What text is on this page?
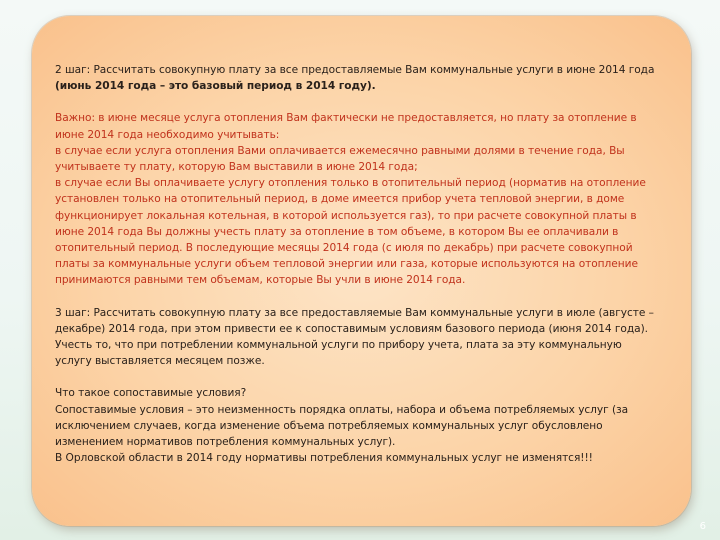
2 шаг: Рассчитать совокупную плату за все предоставляемые Вам коммунальные услуги в июне 2014 года

(июнь 2014 года – это базовый период в 2014 году).

Важно: в июне месяце услуга отопления Вам фактически не предоставляется, но плату за отопление в

июне 2014 года необходимо учитывать:

в случае если услуга отопления Вами оплачивается ежемесячно равными долями в течение года, Вы

учитываете ту плату, которую Вам выставили в июне 2014 года;

в случае если Вы оплачиваете услугу отопления только в отопительный период (норматив на отопление

установлен только на отопительный период, в доме имеется прибор учета тепловой энергии, в доме

функционирует локальная котельная, в которой используется газ), то при расчете совокупной платы в

июне 2014 года Вы должны учесть плату за отопление в том объеме, в котором Вы ее оплачивали в

отопительный период. В последующие месяцы 2014 года (с июля по декабрь) при расчете совокупной

платы за коммунальные услуги объем тепловой энергии или газа, которые используются на отопление

принимаются равными тем объемам, которые Вы учли в июне 2014 года.

3 шаг: Рассчитать совокупную плату за все предоставляемые Вам коммунальные услуги в июле (августе –

декабре) 2014 года, при этом привести ее к сопоставимым условиям базового периода (июня 2014 года).

Учесть то, что при потреблении коммунальной услуги по прибору учета, плата за эту коммунальную

услугу выставляется месяцем позже.

Что такое сопоставимые условия?

Сопоставимые условия – это неизменность порядка оплаты, набора и объема потребляемых услуг (за

исключением случаев, когда изменение объема потребляемых коммунальных услуг обусловлено

изменением нормативов потребления коммунальных услуг).

В Орловской области в 2014 году нормативы потребления коммунальных услуг не изменятся!!!

6
